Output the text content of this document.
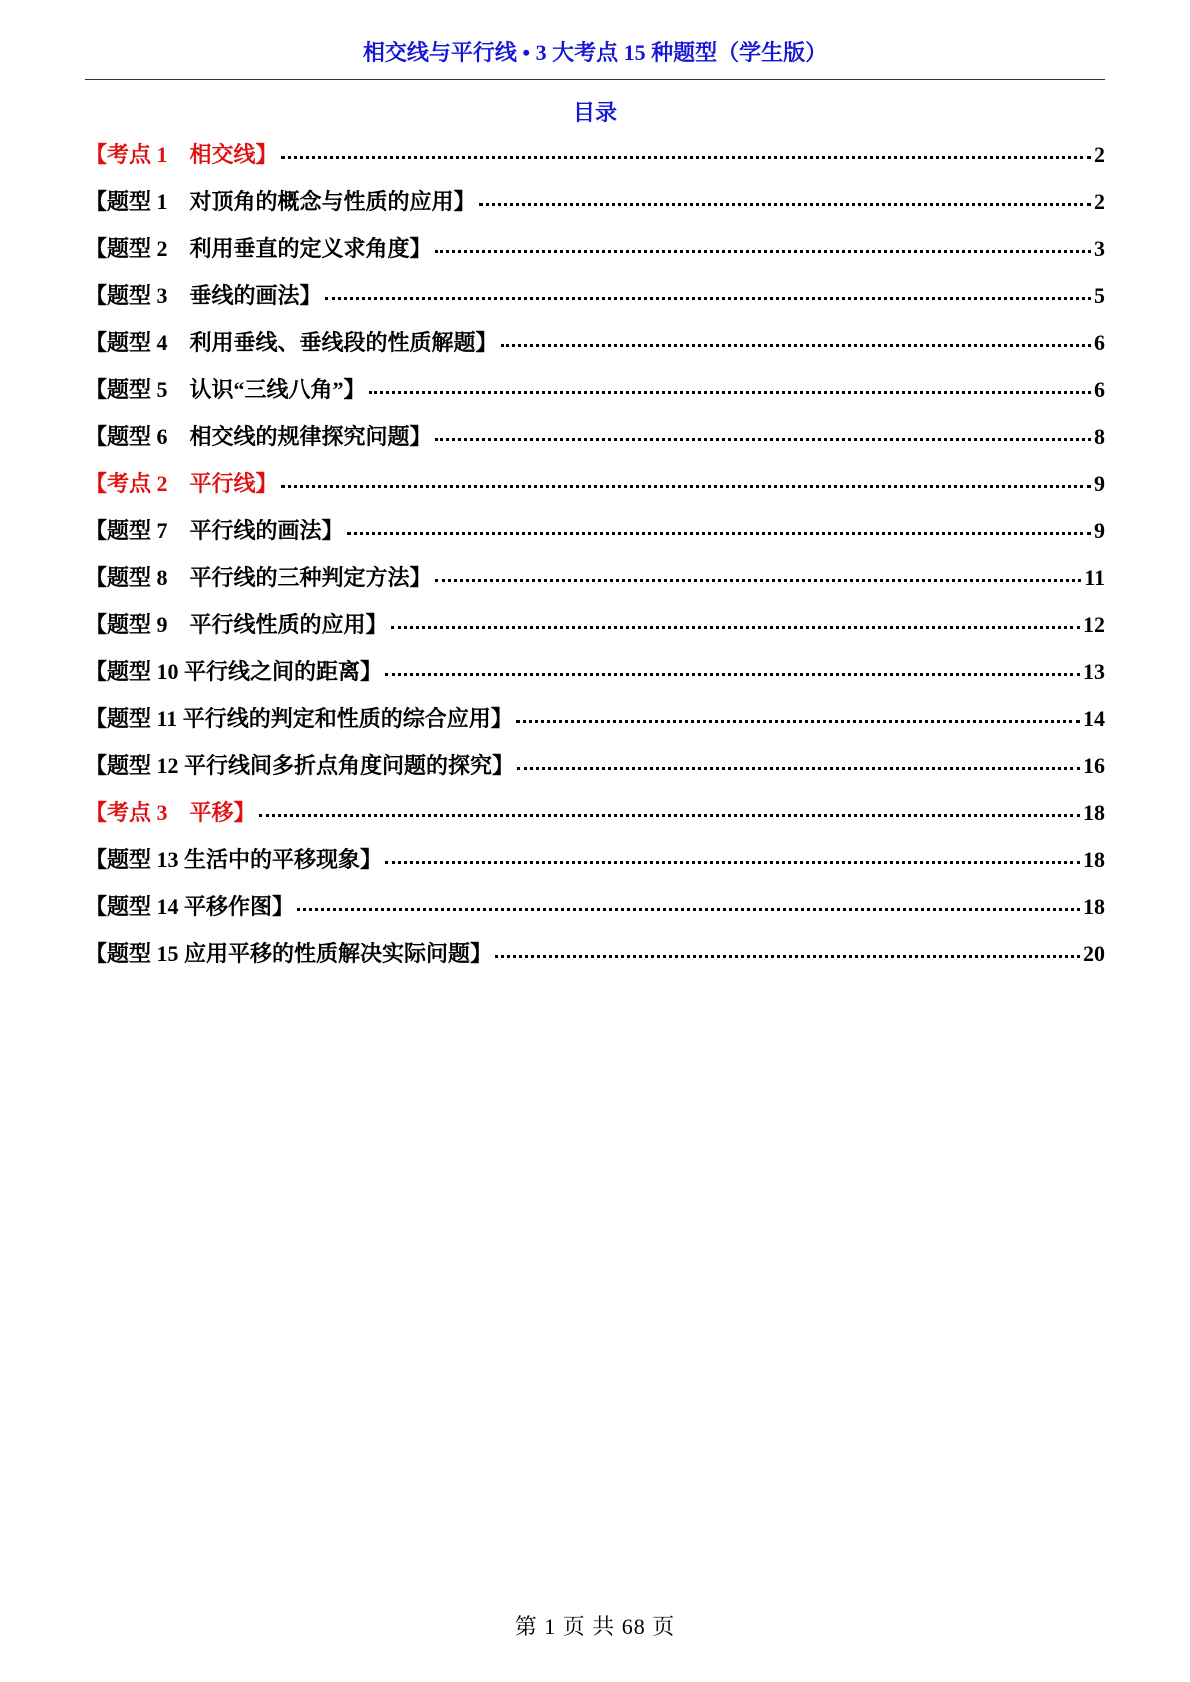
相交线与平行线 • 3 大考点 15 种题型（学生版）
目录
【考点 1　相交线】	2
【题型 1　对顶角的概念与性质的应用】	2
【题型 2　利用垂直的定义求角度】	3
【题型 3　垂线的画法】	5
【题型 4　利用垂线、垂线段的性质解题】	6
【题型 5　认识“三线八角”】	6
【题型 6　相交线的规律探究问题】	8
【考点 2　平行线】	9
【题型 7　平行线的画法】	9
【题型 8　平行线的三种判定方法】	11
【题型 9　平行线性质的应用】	12
【题型 10 平行线之间的距离】	13
【题型 11 平行线的判定和性质的综合应用】	14
【题型 12 平行线间多折点角度问题的探究】	16
【考点 3　平移】	18
【题型 13 生活中的平移现象】	18
【题型 14 平移作图】	18
【题型 15 应用平移的性质解决实际问题】	20
第 1 页 共 68 页
